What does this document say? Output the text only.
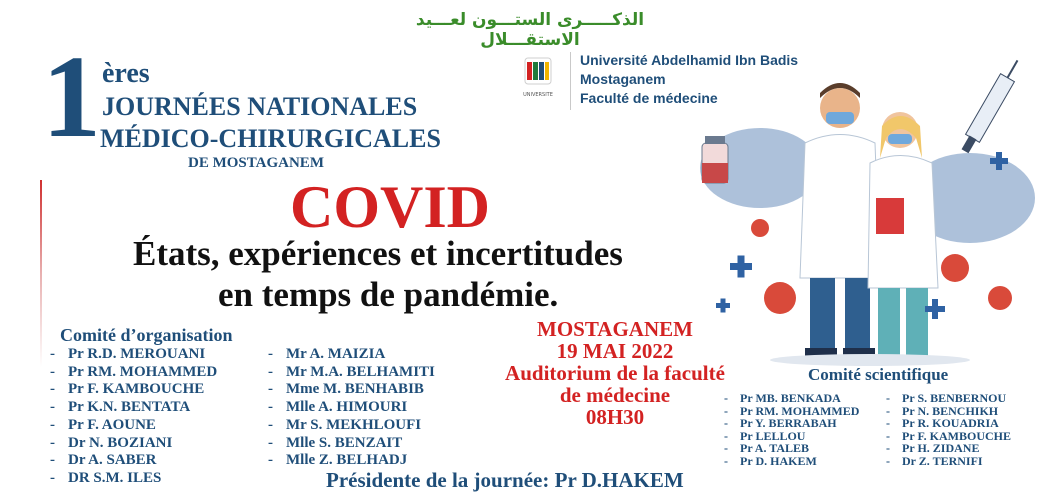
الذكـــــرى الستـــون لعـــيد الاستقـــلال
1 ères
JOURNÉES NATIONALES
MÉDICO-CHIRURGICALES
DE MOSTAGANEM
UNIVERSITE
Université Abdelhamid Ibn Badis
Mostaganem
Faculté de médecine
COVID
États, expériences et incertitudes
en temps de pandémie.
Comité d’organisation
- Pr R.D. MEROUANI
- Pr RM. MOHAMMED
- Pr F. KAMBOUCHE
- Pr K.N. BENTATA
- Pr F. AOUNE
- Dr N. BOZIANI
- Dr A. SABER
- DR S.M. ILES
- Mr A. MAIZIA
- Mr M.A. BELHAMITI
- Mme M. BENHABIB
- Mlle A. HIMOURI
- Mr S. MEKHLOUFI
- Mlle S. BENZAIT
- Mlle Z. BELHADJ
MOSTAGANEM
19 MAI 2022
Auditorium de la faculté
de médecine
08H30
Comité scientifique
- Pr MB. BENKADA
- Pr RM. MOHAMMED
- Pr Y. BERRABAH
- Pr LELLOU
- Pr A. TALEB
- Pr D. HAKEM
- Pr S. BENBERNOU
- Pr N. BENCHIKH
- Pr R. KOUADRIA
- Pr F. KAMBOUCHE
- Pr H. ZIDANE
- Dr Z. TERNIFI
Présidente de la journée: Pr D.HAKEM
